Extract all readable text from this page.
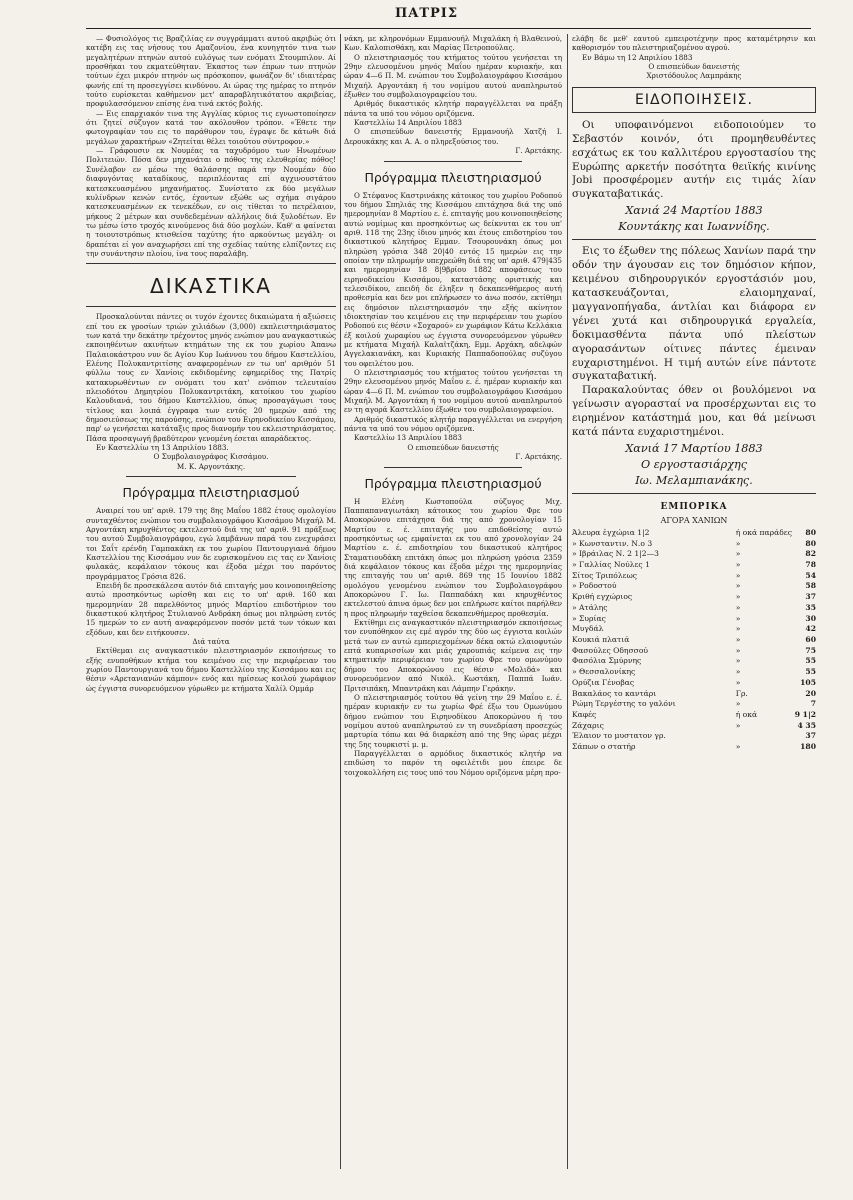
ΠΑΤΡΙΣ

— Φυσιολόγος τις Βραζιλίας εν συγγράμματι αυτού ακριβώς ότι κατέβη εις τας νήσους του Αμαζονίου, ένα κυνηγητόν τινα των μεγαλητέρων πτηνών αυτού ευλόγως των ενόματι Στουμπιλον. Αί προσθήκαι του εκματεύθηταν. Έκαστος των έπρων των πτηνών τούτων έχει μικρόν πτηνόν ως πρόσκοπον, φωνάζον δι' ιδιαιτέρας φωνής επί τη προσεγγίσει κινδύνου. Αι ώρας της ημέρας το πτηνόν τούτο ευρίσκεται καθήμενον μετ' απαραβλητικότατου ακριβείας, προφυλασσόμενον επίσης ένα τινά εκτός βολής.

— Εις επαρχιακόν τινα της Αγγλίας κύριος τις εγνωστοποίησεν ότι ζητεί σύζυγον κατά τον ακόλουθον τρόπον. «Έθετε την φωτογραφίαν του εις το παράθυρον του, έγραψε δε κάτωθι διά μεγάλων χαρακτήρων «Ζητείται θέλει τοιούτου σύντροφον.»

— Γράφουσιν εκ Νουμέας τα ταχυδρόμου των Ηνωμένων Πολιτειών. Πόσα δεν μηχανάται ο πόθος της ελευθερίας πόθος! Συνέλαβον εν μέσω της θαλάσσης παρά την Νουμέαν δύο διαφυγόντας καταδίκους, περιπλέοντας επί αγχινουστάτου κατεσκευασμένου μηχανήματος. Συνίστατο εκ δύο μεγάλων κυλίνδρων κενών εντός, έχοντων εξώθε ως σχήμα σιγάρου κατεσκευασμένων εκ τενεκέδων, εν οις τίθεται το πετρέλαιον, μήκους 2 μέτρων και συνδεδεμένων αλλήλοις διά ξυλοδέτων. Εν τω μέσω ίστο τροχός κινούμενος διά δύο μοχλών. Καθ' α φαίνεται η τοιουτοτρόπως κτισθείσα ταχύτης ήτο αρκούντως μεγάλη· οι δραπέται εί γον αναχωρήσει επί της σχεδίας ταύτης ελπίζοντες εις την συνάντησιν πλοίου, ίνα τους παραλάβη.

ΔΙΚΑΣΤΙΚΑ

Προσκαλούνται πάντες οι τυχόν έχοντες δικαιώματα ή αξιώσεις επί του εκ γροσίων τριών χιλιάδων (3,000) εκπλειστηριάσματος των κατά την δεκάτην τρέχοντος μηνός ενώπιον μου αναγκαστικώς εκποιηθέντων ακινήτων κτημάτων της εκ του χωρίου Άπανω Παλαιοκάστρου νυν δε Αγίου Κυρ Ιωάννου του δήμου Καστελλίου, Ελένης Πολυκαντριτίσης αναφερομένων εν τω υπ' αριθμόν 51 φύλλω τους εν Χανίοις εκδιδομένης εφημερίδος της Πατρίς κατακυρωθέντων εν ονόματι του κατ' ενόπιον τελευταίου πλειοδότου Δημητρίου Πολυκαντριτάκη, κατοίκου του χωρίου Καλουδιανά, του δήμου Καστελλίου, όπως προσαγάγωσι τους τίτλους και λοιπά έγγραφα των εντός 20 ημερών από της δημοσιεύσεως της παρούσης, ενώπιον του Ειρηνοδικείου Κισσάμου, παρ' ω γενήσεται κατάταξις προς διανομήν του εκλειστηριάσματος. Πάσα προσαγωγή βραδύτερον γενομένη έσεται απαράδεκτος.

Εν Καστελλίω τη 13 Απριλίου 1883.

Ο Συμβολαιογράφος Κισσάμου.
Μ. Κ. Αργοντάκης.
Πρόγραμμα πλειστηριασμού

Αναιρεί του υπ' αριθ. 179 της 8ης Μαΐου 1882 έτους ομολογίου συνταχθέντος ενώπιον του συμβολαιογράφου Κισσάμου Μιχαήλ Μ. Αργοντάκη κηρυχθέντος εκτελεστού διά της υπ' αριθ. 91 πράξεως του αυτού Συμβολαιογράφου, εγώ λαμβάνων παρά του ενεχυράσει τοι Σαΐτ ερένδη Γαμπακάκη εκ του χωρίου Παντουργιανά δήμου Καστελλίου της Κισσάμου νυν δε ευρισκομένου εις τας εν Χανίοις φυλακάς, κεφάλαιον τόκους και έξοδα μέχρι του παρόντος προγράμματος Γρόσια 826.

Επειδή δε προσεκάλεσα αυτόν διά επιταγής μου κοινοποιηθείσης αυτώ προσηκόντως ωρίσθη και εις το υπ' αριθ. 160 και ημερομηνίαν 28 παρελθόντος μηνός Μαρτίου επιδοτήριον του δικαστικού κλητήρος Στυλιανού Ανδράκη όπως μοι πληρώση εντός 15 ημερών το εν αυτή αναφερόμενον ποσόν μετά των τόκων και εξόδων, και δεν ειτήκουσεν.

Διά ταύτα

Εκτίθεμαι εις αναγκαστικόν πλειστηριασμόν εκποιήσεως το εξής ενυποθήκων κτήμα του κειμένου εις την περιφέρειαν του χωρίου Παντουργιανά του δήμου Καστελλίου της Κισσάμου και εις θέσιν «Αρετανιανών κάμπον» ενός και ημίσεως κοιλού χωράφιον ώς έγγιστα συνορευόμενον γύρωθεν με κτήματα Χαλίλ Ομμάρ

νάκη, με κληρονόμων Εμμανουήλ Μιχαλάκη ή Βλαθεινού, Κων. Καλοπισθάκη, και Μαρίας Πετροπούλας.

Ο πλειστηριασμός του κτήματος τούτου γενήσεται τη 29ην ελευσομένου μηνός Μαΐου ημέραν κυριακήν, και ώραν 4—6 Π. Μ. ενώπιον του Συμβολαιογράφου Κισσάμου Μιχαήλ Αργοντάκη ή του νομίμου αυτού αναπληρωτού έξωθεν του συμβολαιογραφείου του.

Αριθμός δικαστικός κλητήρ παραγγέλλεται να πράξη πάντα τα υπό του νόμου οριζόμενα.

Καστελλίω 14 Απριλίου 1883

Ο επισπεύδων δανειστής Εμμανουήλ Χατζή Ι. Δερουκάκης και Α. Α. ο πληρεξούσιος του.

Γ. Αρετάκης.
Πρόγραμμα πλειστηριασμού

Ο Στέφανος Καστρινάκης κάτοικος του χωρίου Ροδοπού του δήμου Σπηλιάς της Κισσάμου επιτάχησα διά της υπό ημερομηνίαν 8 Μαρτίου ε. έ. επιταγής μου κοινοποιηθείσης αυτώ νομίμως και προσηκόντως ως δείκνυται εκ του υπ' αριθ. 118 της 23ης ίδιου μηνός και έτους επιδοτηρίου του δικαστικού κλητήρος Εμμαν. Τσουρουνάκη όπως μοι πληρώση γρόσια 348 20|40 εντός 15 ημερών εις την οποίαν την πληρωμήν υπεχρεώθη διά της υπ' αριθ. 479|435 και ημερομηνίαν 18 8|9βρίου 1882 αποφάσεως του ειρηνοδικείου Κισσάμου, καταστάσης οριστικής και τελεσιδίκου, επειδή δε έληξεν η δεκαπενθήμερος αυτή προθεσμία και δεν μοι επλήρωσεν το άνω ποσόν, εκτίθημι εις δημόσιον πλειστηριασμόν την εξής ακίνητον ιδιοκτησίαν του κειμένου εις την περιφέρειαν του χωρίου Ροδοπού εις θέσιν «Σοχαρού» εν χωράφιον Κάτω Κελλάκια έξ κοιλού χωραφίου ως έγγιστα συνορευόμενον γύρωθεν με κτήματα Μιχαήλ Καλαϊτζάκη, Εμμ. Αρχάκη, αδελφών Αγγελακιανάκη, και Κυριακής Παππαδοπούλας συζύγου του οφειλέτου μου.

Ο πλειστηριασμός του κτήματος τούτου γενήσεται τη 29ην ελευσομένου μηνός Μαΐου ε. έ. ημέραν κυριακήν και ώραν 4—6 Π. Μ. ενώπιον του συμβολαιογράφου Κισσάμου Μιχαήλ Μ. Αργοντάκη ή του νομίμου αυτού αναπληρωτού εν τη αγορά Καστελλίου έξωθεν του συμβολαιογραφείου.

Αριθμός δικαστικός κλητήρ παραγγέλλεται να ενεργήση πάντα τα υπό του νόμου οριζόμενα.

Καστελλίω 13 Απριλίου 1883

Ο επισπεύδων δανειστής
Γ. Αρετάκης.
Πρόγραμμα πλειστηριασμού

Η Ελένη Κωστοπούλα σύζυγος Μιχ. Παππαπαναγιωτάκη κάτοικος του χωρίου Φρε του Αποκορώνου επιτάχησα διά της από χρονολογίαν 15 Μαρτίου ε. έ. επιταγής μου επιδοθείσης αυτώ προσηκόντως ως εμφαίνεται εκ του από χρονολογίαν 24 Μαρτίου ε. έ. επιδοτηρίου του δικαστικού κλητήρος Σταματιουδάκη επιτάκη όπως μοι πληρώση γρόσια 2359 διά κεφάλαιον τόκους και έξοδα μέχρι της ημερομηνίας της επιταγής του υπ' αριθ. 869 της 15 Ιουνίου 1882 ομολόγου γενομένου ενώπιον του Συμβολαιογράφου Αποκορώνου Γ. Ιω. Παππαδάκη και κηρυχθέντος εκτελεστού άπινα όμως δεν μοι επλήρωσε καίτοι παρήλθεν η προς πληρωμήν ταχθείσα δεκαπενθήμερος προθεσμία.

Εκτίθημι εις αναγκαστικόν πλειστηριασμόν εκποιήσεως τον ενυπόθηκον εις εμέ αγρόν της δύο ως έγγιστα κοιλών μετά των εν αυτώ εμπεριεχομένων δέκα οκτώ ελαιοφυτών επτά κυπαρισσίων και μιάς χαρουπιάς κείμενα εις την κτηματικήν περιφέρειαν του χωρίου Φρε του ομωνύμου δήμου του Αποκορώνου εις θέσιν «Μολιδά» και συνορευόμενον από Νικόλ. Κωστάκη, Παππά Ιωάν. Πριτσιπάκη, Μπαντράκη και Λάμπην Γεράκην.

Ο πλειστηριασμός τούτου θά γείνη την 29 Μαΐου ε. έ. ημέραν κυριακήν εν τω χωρίω Φρέ έξω του Ομωνύμου δήμου ενώπιον του Ειρηνοδίκου Αποκορώνου ή του νομίμου αυτού αναπληρωτού εν τη συνεδρίαση προσεχώς μαρτυρία τόπω και θά διαρκέση από της 9ης ώρας μέχρι της 5ης τουρκιστί μ. μ.

Παραγγέλλεται ο αρμόδιος δικαστικός κλητήρ να επιδώση το παρόν τη οφειλέτιδι μου έπειρε δε τοιχοκολλήση εις τους υπό του Νόμου οριζόμενα μέρη προ-

ελάβη δε μεθ' εαυτού εμπειροτέχνην προς καταμέτρησιν και καθορισμόν του πλειστηριαζομένου αγρού.

Εν Βάμω τη 12 Απριλίου 1883

Ο επισπεύδων δανειστής
Χριστόδουλος Λαμπράκης
ΕΙΔΟΠΟΙΗΣΕΙΣ.

Οι υποφαινόμενοι ειδοποιούμεν το Σεβαστόν κοινόν, ότι προμηθευθέντες εσχάτως εκ του καλλιτέρου εργοστασίου της Ευρώπης αρκετήν ποσότητα θειϊκής κινίνης Jobi προσφέρομεν αυτήν εις τιμάς λίαν συγκαταβατικάς.

Χανιά 24 Μαρτίου 1883
Κουντάκης και Ιωαννίδης.

Εις το έξωθεν της πόλεως Χανίων παρά την οδόν την άγουσαν εις τον δημόσιον κήπον, κειμένου σιδηρουργικόν εργοστάσιόν μου, κατασκευάζονται, ελαιομηχαναί, μαγγανοπήγαδα, άντλίαι και διάφορα εν γένει χυτά και σιδηρουργικά εργαλεία, δοκιμασθέντα πάντα υπό πλείστων αγορασάντων οίτινες πάντες έμειναν ευχαριστημένοι. Η τιμή αυτών είνε πάντοτε συγκαταβατική.

Παρακαλούντας όθεν οι βουλόμενοι να γείνωσιν αγορασταί να προσέρχωνται εις το ειρημένον κατάστημά μου, και θά μείνωσι κατά πάντα ευχαριστημένοι.

Χανιά 17 Μαρτίου 1883
Ο εργοστασιάρχης
Ιω. Μελαμπιανάκης.
ΕΜΠΟΡΙΚΑ
ΑΓΟΡΑ ΧΑΝΙΩΝ
Άλευρα ἐγχώρια 1|2	ή οκά παράδες	80
» Κωνσταντιν. Ν.ο 3	»	80
» Ιβράιλας Ν. 2 1|2—3	»	82
» Γαλλίας Νούλες 1	»	78
Σίτος Τριπόλεως	»	54
» Ροδοστού	»	58
Κριθή εγχώριος	»	37
» Ατάλης	»	35
» Συρίας	»	30
Μυγδάλ	»	42
Κουκιά πλατιά	»	60
Φασούλες Οδησσού	»	75
Φασόλια Σμύρνης	»	55
» Θεσσαλονίκης	»	55
Ορύζια Γένοβας	»	105
Βακαλάος το καντάρι	Γρ.	20
Ρώμη Τεργέστης το γαλόνι	»	7
Καφές	ή οκά	9 1|2
Ζάχαρις	»	4 35
Έλαιον το μυστατον γρ.		37
Σάπων ο στατήρ	»	180
